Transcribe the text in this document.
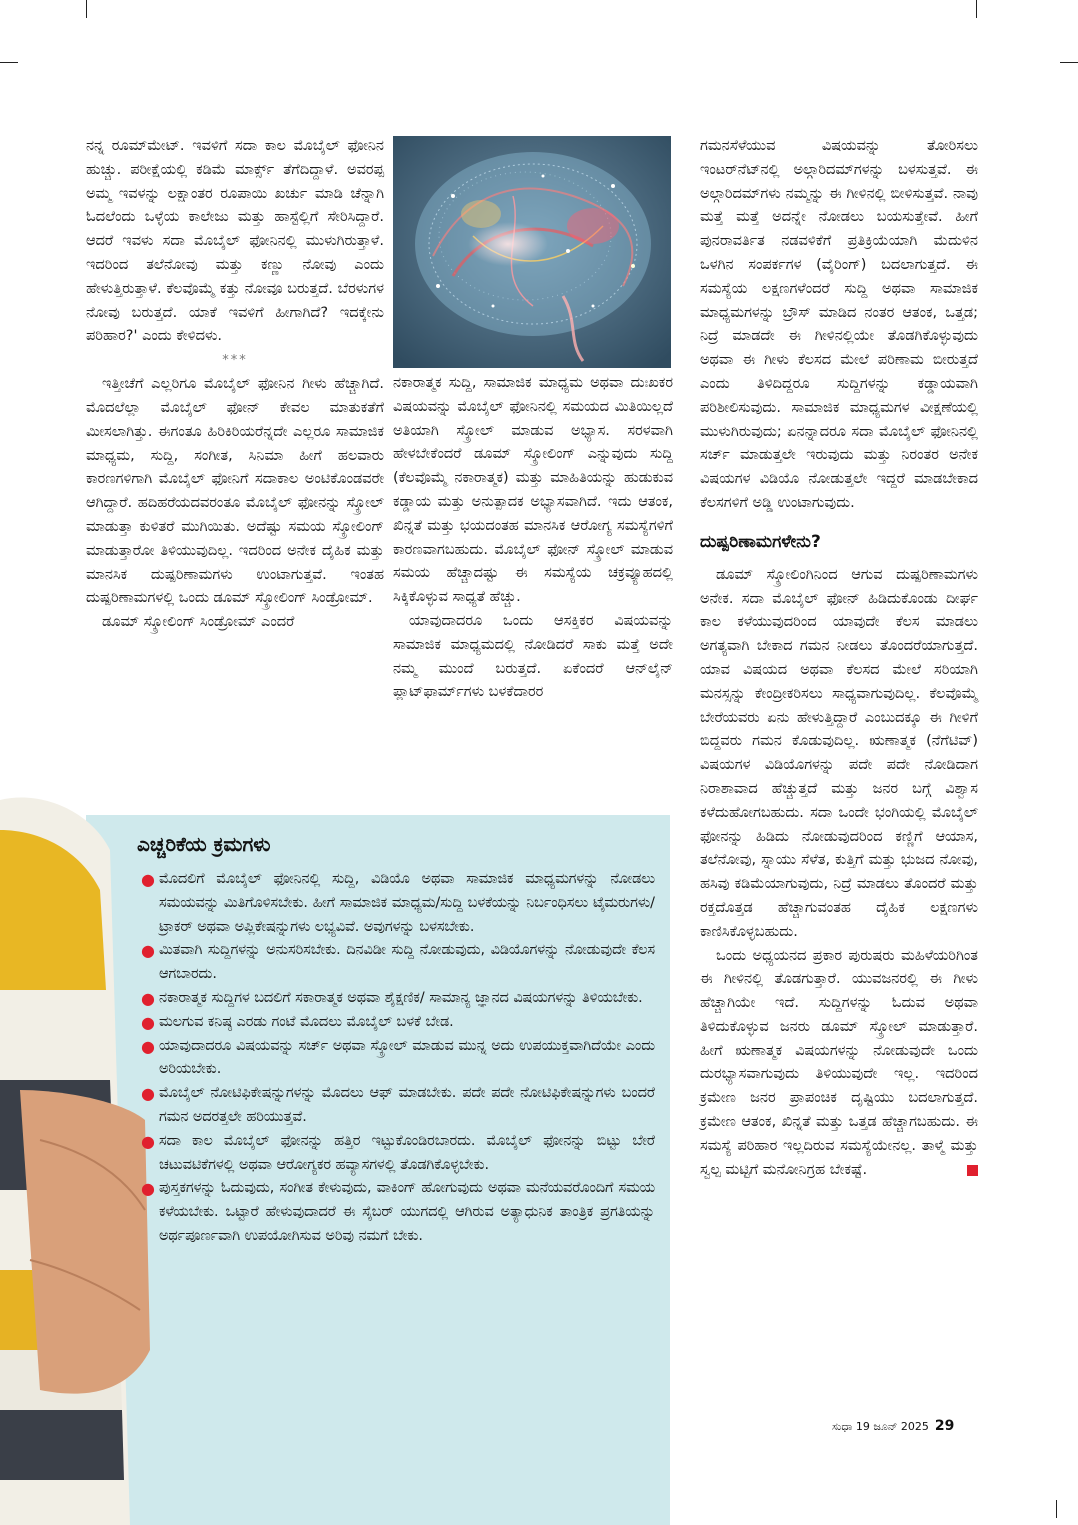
ನನ್ನ ರೂಮ್‌ಮೇಟ್‌. ಇವಳಿಗೆ ಸದಾ ಕಾಲ ಮೊಬೈಲ್ ಫೋನಿನ ಹುಚ್ಚು. ಪರೀಕ್ಷೆಯಲ್ಲಿ ಕಡಿಮೆ ಮಾರ್ಕ್ಸ್ ತೆಗೆದಿದ್ದಾಳೆ. ಅವರಪ್ಪ ಅಮ್ಮ ಇವಳನ್ನು ಲಕ್ಷಾಂತರ ರೂಪಾಯಿ ಖರ್ಚು ಮಾಡಿ ಚೆನ್ನಾಗಿ ಓದಲೆಂದು ಒಳ್ಳೆಯ ಕಾಲೇಜು ಮತ್ತು ಹಾಸ್ಟೆಲ್ಲಿಗೆ ಸೇರಿಸಿದ್ದಾರೆ. ಆದರೆ ಇವಳು ಸದಾ ಮೊಬೈಲ್ ಫೋನಿನಲ್ಲಿ ಮುಳುಗಿರುತ್ತಾಳೆ. ಇದರಿಂದ ತಲೆನೋವು ಮತ್ತು ಕಣ್ಣು ನೋವು ಎಂದು ಹೇಳುತ್ತಿರುತ್ತಾಳೆ. ಕೆಲವೊಮ್ಮೆ ಕತ್ತು ನೋವೂ ಬರುತ್ತದೆ. ಬೆರಳುಗಳ ನೋವು ಬರುತ್ತದೆ. ಯಾಕೆ ಇವಳಿಗೆ ಹೀಗಾಗಿದೆ? ಇದಕ್ಕೇನು ಪರಿಹಾರ?' ಎಂದು ಕೇಳಿದಳು.

***

ಇತ್ತೀಚೆಗೆ ಎಲ್ಲರಿಗೂ ಮೊಬೈಲ್ ಫೋನಿನ ಗೀಳು ಹೆಚ್ಚಾಗಿದೆ. ಮೊದಲೆಲ್ಲಾ ಮೊಬೈಲ್ ಫೋನ್ ಕೇವಲ ಮಾತುಕತೆಗೆ ಮೀಸಲಾಗಿತ್ತು. ಈಗಂತೂ ಹಿರಿಕಿರಿಯರೆನ್ನದೇ ಎಲ್ಲರೂ ಸಾಮಾಜಿಕ ಮಾಧ್ಯಮ, ಸುದ್ದಿ, ಸಂಗೀತ, ಸಿನಿಮಾ ಹೀಗೆ ಹಲವಾರು ಕಾರಣಗಳಿಗಾಗಿ ಮೊಬೈಲ್ ಫೋನಿಗೆ ಸದಾಕಾಲ ಅಂಟಿಕೊಂಡವರೇ ಆಗಿದ್ದಾರೆ. ಹದಿಹರೆಯದವರಂತೂ ಮೊಬೈಲ್ ಫೋನನ್ನು ಸ್ಕ್ರೋಲ್ ಮಾಡುತ್ತಾ ಕುಳಿತರೆ ಮುಗಿಯಿತು. ಅದೆಷ್ಟು ಸಮಯ ಸ್ಕ್ರೋಲಿಂಗ್ ಮಾಡುತ್ತಾರೋ ತಿಳಿಯುವುದಿಲ್ಲ. ಇದರಿಂದ ಅನೇಕ ದೈಹಿಕ ಮತ್ತು ಮಾನಸಿಕ ದುಷ್ಪರಿಣಾಮಗಳು ಉಂಟಾಗುತ್ತವೆ. ಇಂತಹ ದುಷ್ಪರಿಣಾಮಗಳಲ್ಲಿ ಒಂದು ಡೂಮ್ ಸ್ಕ್ರೋಲಿಂಗ್ ಸಿಂಡ್ರೋಮ್.

ಡೂಮ್ ಸ್ಕ್ರೋಲಿಂಗ್ ಸಿಂಡ್ರೋಮ್ ಎಂದರೆ

ನಕಾರಾತ್ಮಕ ಸುದ್ದಿ, ಸಾಮಾಜಿಕ ಮಾಧ್ಯಮ ಅಥವಾ ದುಃಖಕರ ವಿಷಯವನ್ನು ಮೊಬೈಲ್ ಫೋನಿನಲ್ಲಿ ಸಮಯದ ಮಿತಿಯಿಲ್ಲದೆ ಅತಿಯಾಗಿ ಸ್ಕ್ರೋಲ್ ಮಾಡುವ ಅಭ್ಯಾಸ. ಸರಳವಾಗಿ ಹೇಳಬೇಕೆಂದರೆ ಡೂಮ್ ಸ್ಕ್ರೋಲಿಂಗ್ ಎನ್ನುವುದು ಸುದ್ದಿ (ಕೆಲವೊಮ್ಮೆ ನಕಾರಾತ್ಮಕ) ಮತ್ತು ಮಾಹಿತಿಯನ್ನು ಹುಡುಕುವ ಕಡ್ಡಾಯ ಮತ್ತು ಅನುತ್ಪಾದಕ ಅಭ್ಯಾಸವಾಗಿದೆ. ಇದು ಆತಂಕ, ಖಿನ್ನತೆ ಮತ್ತು ಭಯದಂತಹ ಮಾನಸಿಕ ಆರೋಗ್ಯ ಸಮಸ್ಯೆಗಳಿಗೆ ಕಾರಣವಾಗಬಹುದು. ಮೊಬೈಲ್ ಫೋನ್ ಸ್ಕ್ರೋಲ್ ಮಾಡುವ ಸಮಯ ಹೆಚ್ಚಾದಷ್ಟು ಈ ಸಮಸ್ಯೆಯ ಚಕ್ರವ್ಯೂಹದಲ್ಲಿ ಸಿಕ್ಕಿಕೊಳ್ಳುವ ಸಾಧ್ಯತೆ ಹೆಚ್ಚು.

ಯಾವುದಾದರೂ ಒಂದು ಆಸಕ್ತಿಕರ ವಿಷಯವನ್ನು ಸಾಮಾಜಿಕ ಮಾಧ್ಯಮದಲ್ಲಿ ನೋಡಿದರೆ ಸಾಕು ಮತ್ತೆ ಅದೇ ನಮ್ಮ ಮುಂದೆ ಬರುತ್ತದೆ. ಏಕೆಂದರೆ ಆನ್‌ಲೈನ್ ಪ್ಲಾಟ್‌ಫಾರ್ಮ್‌ಗಳು ಬಳಕೆದಾರರ

ಗಮನಸೆಳೆಯುವ ವಿಷಯವನ್ನು ತೋರಿಸಲು ಇಂಟರ್‌ನೆಟ್‌ನಲ್ಲಿ ಅಲ್ಗಾರಿದಮ್‌ಗಳನ್ನು ಬಳಸುತ್ತವೆ. ಈ ಅಲ್ಗಾರಿದಮ್‌ಗಳು ನಮ್ಮನ್ನು ಈ ಗೀಳಿನಲ್ಲಿ ಬೀಳಿಸುತ್ತವೆ. ನಾವು ಮತ್ತೆ ಮತ್ತೆ ಅದನ್ನೇ ನೋಡಲು ಬಯಸುತ್ತೇವೆ. ಹೀಗೆ ಪುನರಾವರ್ತಿತ ನಡವಳಿಕೆಗೆ ಪ್ರತಿಕ್ರಿಯೆಯಾಗಿ ಮೆದುಳಿನ ಒಳಗಿನ ಸಂಪರ್ಕಗಳ (ವೈರಿಂಗ್) ಬದಲಾಗುತ್ತದೆ. ಈ ಸಮಸ್ಯೆಯ ಲಕ್ಷಣಗಳೆಂದರೆ ಸುದ್ದಿ ಅಥವಾ ಸಾಮಾಜಿಕ ಮಾಧ್ಯಮಗಳನ್ನು ಬ್ರೌಸ್ ಮಾಡಿದ ನಂತರ ಆತಂಕ, ಒತ್ತಡ; ನಿದ್ರೆ ಮಾಡದೇ ಈ ಗೀಳಿನಲ್ಲಿಯೇ ತೊಡಗಿಕೊಳ್ಳುವುದು ಅಥವಾ ಈ ಗೀಳು ಕೆಲಸದ ಮೇಲೆ ಪರಿಣಾಮ ಬೀರುತ್ತದೆ ಎಂದು ತಿಳಿದಿದ್ದರೂ ಸುದ್ದಿಗಳನ್ನು ಕಡ್ಡಾಯವಾಗಿ ಪರಿಶೀಲಿಸುವುದು. ಸಾಮಾಜಿಕ ಮಾಧ್ಯಮಗಳ ವೀಕ್ಷಣೆಯಲ್ಲಿ ಮುಳುಗಿರುವುದು; ಏನನ್ನಾದರೂ ಸದಾ ಮೊಬೈಲ್ ಫೋನಿನಲ್ಲಿ ಸರ್ಚ್ ಮಾಡುತ್ತಲೇ ಇರುವುದು ಮತ್ತು ನಿರಂತರ ಅನೇಕ ವಿಷಯಗಳ ವಿಡಿಯೊ ನೋಡುತ್ತಲೇ ಇದ್ದರೆ ಮಾಡಬೇಕಾದ ಕೆಲಸಗಳಿಗೆ ಅಡ್ಡಿ ಉಂಟಾಗುವುದು.

ದುಷ್ಪರಿಣಾಮಗಳೇನು?

ಡೂಮ್ ಸ್ಕ್ರೋಲಿಂಗಿನಿಂದ ಆಗುವ ದುಷ್ಪರಿಣಾಮಗಳು ಅನೇಕ. ಸದಾ ಮೊಬೈಲ್ ಫೋನ್ ಹಿಡಿದುಕೊಂಡು ದೀರ್ಘ ಕಾಲ ಕಳೆಯುವುದರಿಂದ ಯಾವುದೇ ಕೆಲಸ ಮಾಡಲು ಅಗತ್ಯವಾಗಿ ಬೇಕಾದ ಗಮನ ನೀಡಲು ತೊಂದರೆಯಾಗುತ್ತದೆ. ಯಾವ ವಿಷಯದ ಅಥವಾ ಕೆಲಸದ ಮೇಲೆ ಸರಿಯಾಗಿ ಮನಸ್ಸನ್ನು ಕೇಂದ್ರೀಕರಿಸಲು ಸಾಧ್ಯವಾಗುವುದಿಲ್ಲ. ಕೆಲವೊಮ್ಮೆ ಬೇರೆಯವರು ಏನು ಹೇಳುತ್ತಿದ್ದಾರೆ ಎಂಬುದಕ್ಕೂ ಈ ಗೀಳಿಗೆ ಬಿದ್ದವರು ಗಮನ ಕೊಡುವುದಿಲ್ಲ. ಋಣಾತ್ಮಕ (ನೆಗೆಟಿವ್) ವಿಷಯಗಳ ವಿಡಿಯೊಗಳನ್ನು ಪದೇ ಪದೇ ನೋಡಿದಾಗ ನಿರಾಶಾವಾದ ಹೆಚ್ಚುತ್ತದೆ ಮತ್ತು ಜನರ ಬಗ್ಗೆ ವಿಶ್ವಾಸ ಕಳೆದುಹೋಗಬಹುದು. ಸದಾ ಒಂದೇ ಭಂಗಿಯಲ್ಲಿ ಮೊಬೈಲ್ ಫೋನನ್ನು ಹಿಡಿದು ನೋಡುವುದರಿಂದ ಕಣ್ಣಿಗೆ ಆಯಾಸ, ತಲೆನೋವು, ಸ್ನಾಯು ಸೆಳೆತ, ಕುತ್ತಿಗೆ ಮತ್ತು ಭುಜದ ನೋವು, ಹಸಿವು ಕಡಿಮೆಯಾಗುವುದು, ನಿದ್ರೆ ಮಾಡಲು ತೊಂದರೆ ಮತ್ತು ರಕ್ತದೊತ್ತಡ ಹೆಚ್ಚಾಗುವಂತಹ ದೈಹಿಕ ಲಕ್ಷಣಗಳು ಕಾಣಿಸಿಕೊಳ್ಳಬಹುದು.

ಒಂದು ಅಧ್ಯಯನದ ಪ್ರಕಾರ ಪುರುಷರು ಮಹಿಳೆಯರಿಗಿಂತ ಈ ಗೀಳಿನಲ್ಲಿ ತೊಡಗುತ್ತಾರೆ. ಯುವಜನರಲ್ಲಿ ಈ ಗೀಳು ಹೆಚ್ಚಾಗಿಯೇ ಇದೆ. ಸುದ್ದಿಗಳನ್ನು ಓದುವ ಅಥವಾ ತಿಳಿದುಕೊಳ್ಳುವ ಜನರು ಡೂಮ್ ಸ್ಕ್ರೋಲ್ ಮಾಡುತ್ತಾರೆ. ಹೀಗೆ ಋಣಾತ್ಮಕ ವಿಷಯಗಳನ್ನು ನೋಡುವುದೇ ಒಂದು ದುರಭ್ಯಾಸವಾಗುವುದು ತಿಳಿಯುವುದೇ ಇಲ್ಲ. ಇದರಿಂದ ಕ್ರಮೇಣ ಜನರ ಪ್ರಾಪಂಚಿಕ ದೃಷ್ಟಿಯು ಬದಲಾಗುತ್ತದೆ. ಕ್ರಮೇಣ ಆತಂಕ, ಖಿನ್ನತೆ ಮತ್ತು ಒತ್ತಡ ಹೆಚ್ಚಾಗಬಹುದು. ಈ ಸಮಸ್ಯೆ ಪರಿಹಾರ ಇಲ್ಲದಿರುವ ಸಮಸ್ಯೆಯೇನಲ್ಲ. ತಾಳ್ಮೆ ಮತ್ತು ಸ್ವಲ್ಪ ಮಟ್ಟಿಗೆ ಮನೋನಿಗ್ರಹ ಬೇಕಷ್ಟೆ.

ಎಚ್ಚರಿಕೆಯ ಕ್ರಮಗಳು
● ಮೊದಲಿಗೆ ಮೊಬೈಲ್ ಫೋನಿನಲ್ಲಿ ಸುದ್ದಿ, ವಿಡಿಯೊ ಅಥವಾ ಸಾಮಾಜಿಕ ಮಾಧ್ಯಮಗಳನ್ನು ನೋಡಲು ಸಮಯವನ್ನು ಮಿತಿಗೊಳಿಸಬೇಕು. ಹೀಗೆ ಸಾಮಾಜಿಕ ಮಾಧ್ಯಮ/ಸುದ್ದಿ ಬಳಕೆಯನ್ನು ನಿರ್ಬಂಧಿಸಲು ಟೈಮರುಗಳು/ಟ್ರಾಕರ್ ಅಥವಾ ಅಪ್ಲಿಕೇಷನ್ನುಗಳು ಲಭ್ಯವಿವೆ. ಅವುಗಳನ್ನು ಬಳಸಬೇಕು.
● ಮಿತವಾಗಿ ಸುದ್ದಿಗಳನ್ನು ಅನುಸರಿಸಬೇಕು. ದಿನವಿಡೀ ಸುದ್ದಿ ನೋಡುವುದು, ವಿಡಿಯೊಗಳನ್ನು ನೋಡುವುದೇ ಕೆಲಸ ಆಗಬಾರದು.
● ನಕಾರಾತ್ಮಕ ಸುದ್ದಿಗಳ ಬದಲಿಗೆ ಸಕಾರಾತ್ಮಕ ಅಥವಾ ಶೈಕ್ಷಣಿಕ/ ಸಾಮಾನ್ಯ ಜ್ಞಾನದ ವಿಷಯಗಳನ್ನು ತಿಳಿಯಬೇಕು.
● ಮಲಗುವ ಕನಿಷ್ಠ ಎರಡು ಗಂಟೆ ಮೊದಲು ಮೊಬೈಲ್ ಬಳಕೆ ಬೇಡ.
● ಯಾವುದಾದರೂ ವಿಷಯವನ್ನು ಸರ್ಚ್ ಅಥವಾ ಸ್ಕ್ರೋಲ್ ಮಾಡುವ ಮುನ್ನ ಅದು ಉಪಯುಕ್ತವಾಗಿದೆಯೇ ಎಂದು ಅರಿಯಬೇಕು.
● ಮೊಬೈಲ್ ನೋಟಿಫಿಕೇಷನ್ನುಗಳನ್ನು ಮೊದಲು ಆಫ್ ಮಾಡಬೇಕು. ಪದೇ ಪದೇ ನೋಟಿಫಿಕೇಷನ್ನುಗಳು ಬಂದರೆ ಗಮನ ಅದರತ್ತಲೇ ಹರಿಯುತ್ತವೆ.
● ಸದಾ ಕಾಲ ಮೊಬೈಲ್ ಫೋನನ್ನು ಹತ್ತಿರ ಇಟ್ಟುಕೊಂಡಿರಬಾರದು. ಮೊಬೈಲ್ ಫೋನನ್ನು ಬಿಟ್ಟು ಬೇರೆ ಚಟುವಟಿಕೆಗಳಲ್ಲಿ ಅಥವಾ ಆರೋಗ್ಯಕರ ಹವ್ಯಾಸಗಳಲ್ಲಿ ತೊಡಗಿಕೊಳ್ಳಬೇಕು.
● ಪುಸ್ತಕಗಳನ್ನು ಓದುವುದು, ಸಂಗೀತ ಕೇಳುವುದು, ವಾಕಿಂಗ್ ಹೋಗುವುದು ಅಥವಾ ಮನೆಯವರೊಂದಿಗೆ ಸಮಯ ಕಳೆಯಬೇಕು. ಒಟ್ಟಾರೆ ಹೇಳುವುದಾದರೆ ಈ ಸೈಬರ್ ಯುಗದಲ್ಲಿ ಆಗಿರುವ ಅತ್ಯಾಧುನಿಕ ತಾಂತ್ರಿಕ ಪ್ರಗತಿಯನ್ನು ಅರ್ಥಪೂರ್ಣವಾಗಿ ಉಪಯೋಗಿಸುವ ಅರಿವು ನಮಗೆ ಬೇಕು.
ಸುಧಾ 19 ಜೂನ್ 2025 29
